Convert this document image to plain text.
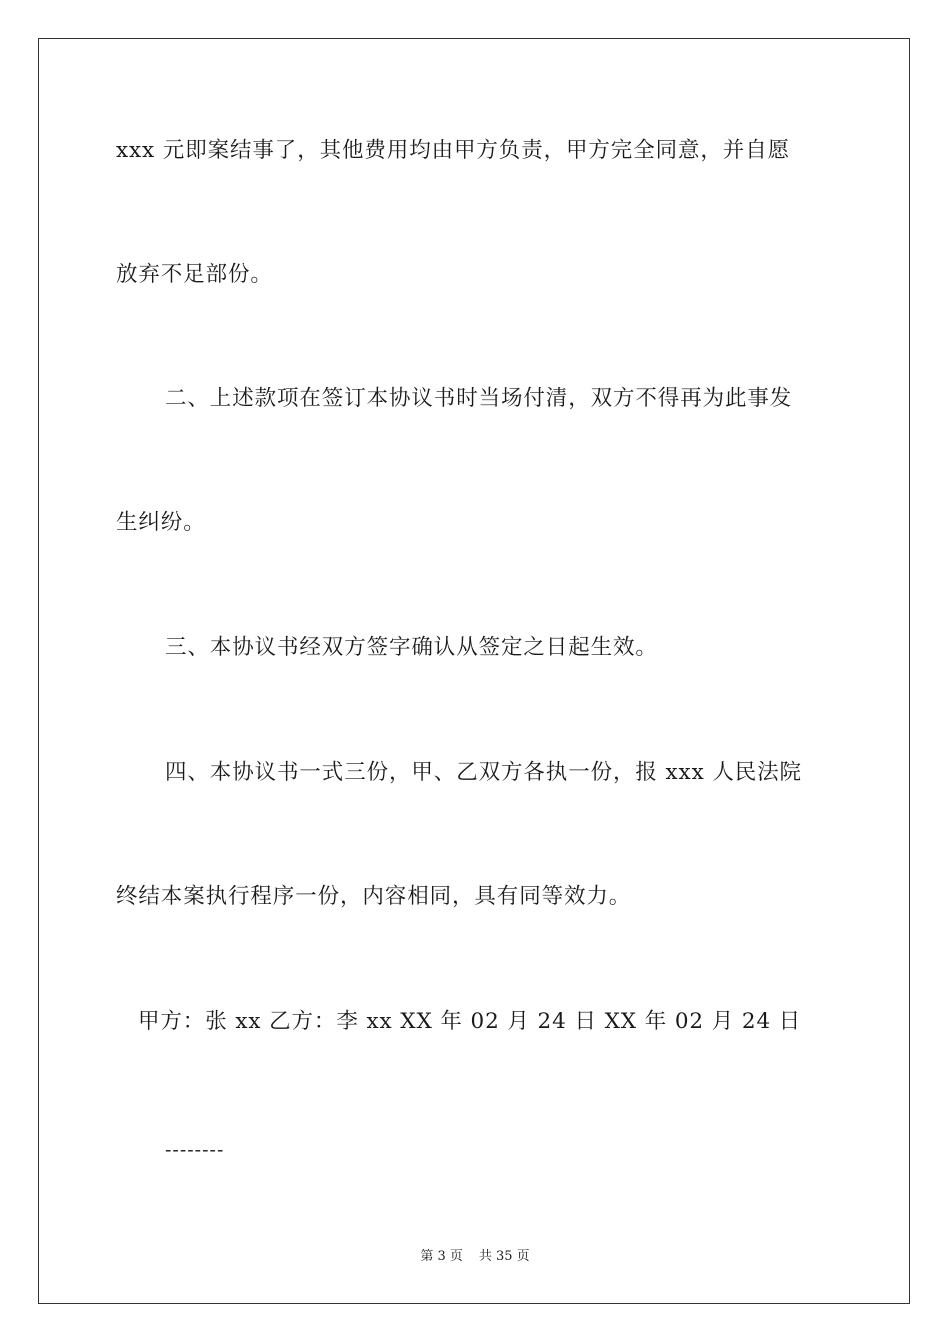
xxx 元即案结事了，其他费用均由甲方负责，甲方完全同意，并自愿
放弃不足部份。
二、上述款项在签订本协议书时当场付清，双方不得再为此事发
生纠纷。
三、本协议书经双方签字确认从签定之日起生效。
四、本协议书一式三份，甲、乙双方各执一份，报 xxx 人民法院
终结本案执行程序一份，内容相同，具有同等效力。
甲方：张 xx 乙方：李 xx XX 年 02 月 24 日 XX 年 02 月 24 日
--------
第 3 页 共 35 页
